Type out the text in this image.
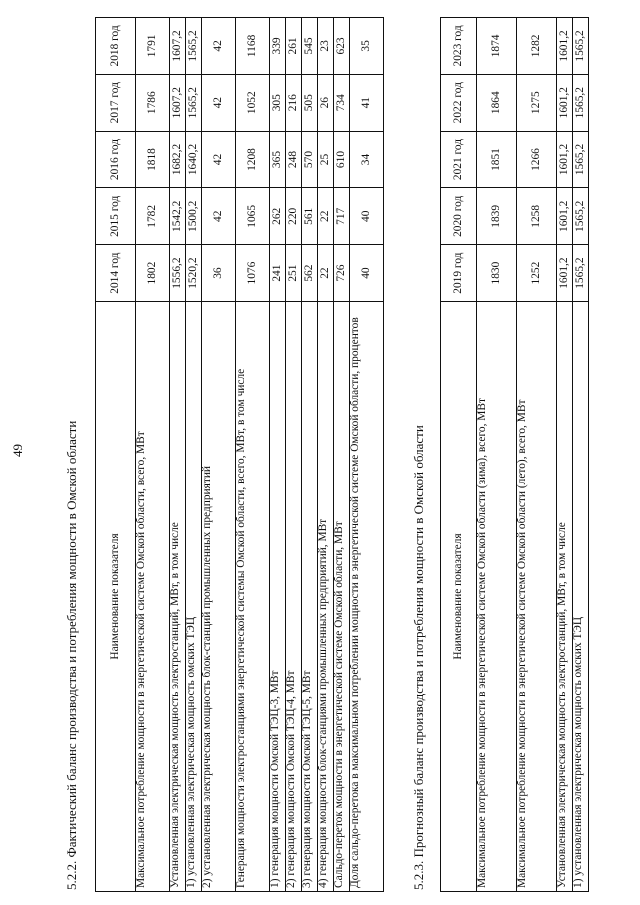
49	5.2.2. Фактический баланс производства и потребления мощности в Омской области	Наименование показателя	2014 год	2015 год	2016 год	2017 год	2018 год
Максимальное потребление мощности в энергетической системе Омской области, всего, МВт	1802	1782	1818	1786	1791
Установленная электрическая мощность электростанций, МВт, в том числе	1556,2	1542,2	1682,2	1607,2	1607,2
1) установленная электрическая мощность омских ТЭЦ	1520,2	1500,2	1640,2	1565,2	1565,2
2) установленная электрическая мощность блок-станций промышленных предприятий	36	42	42	42	42
Генерация мощности электростанциями энергетической системы Омской области, всего, МВт, в том числе	1076	1065	1208	1052	1168
1) генерация мощности Омской ТЭЦ-3, МВт	241	262	365	305	339
2) генерация мощности Омской ТЭЦ-4, МВт	251	220	248	216	261
3) генерация мощности Омской ТЭЦ-5, МВт	562	561	570	505	545
4) генерация мощности блок-станциями промышленных предприятий, МВт	22	22	25	26	23
Сальдо-переток мощности в энергетической системе Омской области, МВт	726	717	610	734	623
Доля сальдо-перетока в максимальном потреблении мощности в энергетической системе Омской области, процентов	40	40	34	41	35
5.2.3. Прогнозный баланс производства и потребления мощности в Омской области Наименование показателя	2019 год	2020 год	2021 год	2022 год	2023 год
Максимальное потребление мощности в энергетической системе Омской области (зима), всего, МВт	1830	1839	1851	1864	1874
Максимальное потребление мощности в энергетической системе Омской области (лето), всего, МВт	1252	1258	1266	1275	1282
Установленная электрическая мощность электростанций, МВт, в том числе	1601,2	1601,2	1601,2	1601,2	1601,2
1) установленная электрическая мощность омских ТЭЦ	1565,2	1565,2	1565,2	1565,2	1565,2
